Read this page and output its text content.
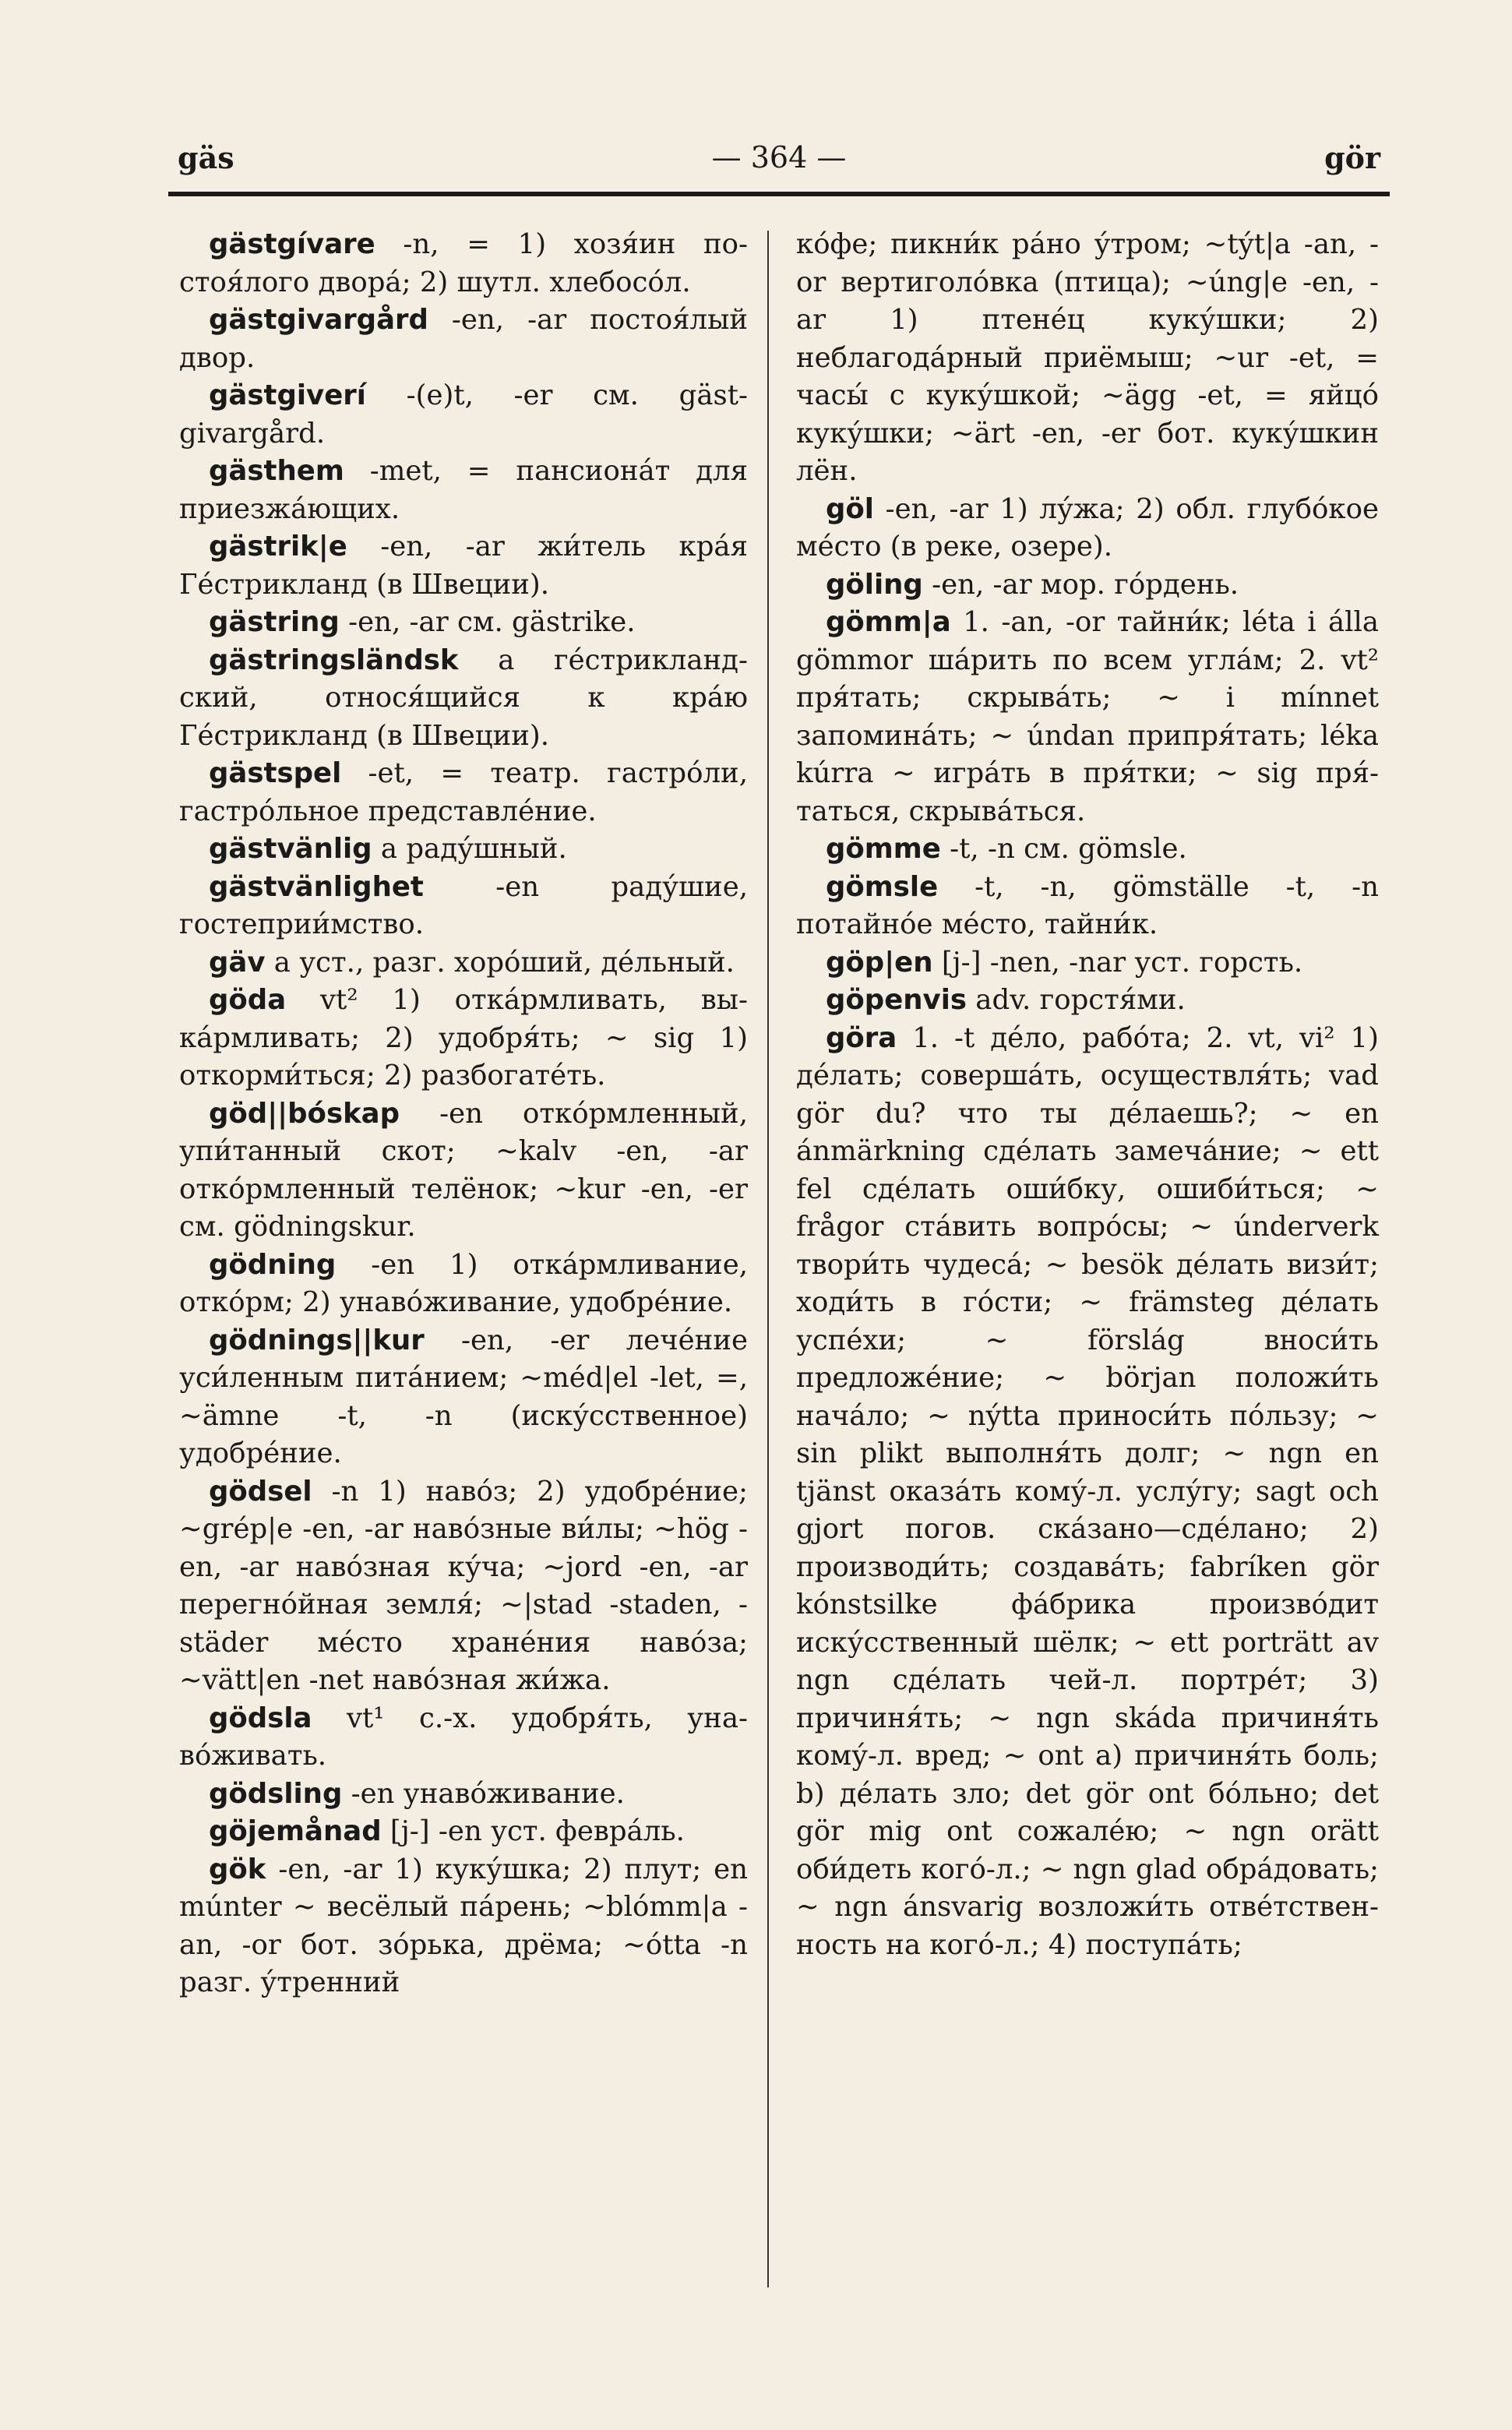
gäs	— 364 —	gör

gästgívare -n, = 1) хозя́ин постоя́лого двора́; 2) шутл. хлебосо́л.

gästgivargård -en, -ar постоя́лый двор.

gästgiverí -(e)t, -er см. gästgivargård.

gästhem -met, = пансиона́т для приезжа́ющих.

gästrik|e -en, -ar жи́тель кра́я Ге́стрикланд (в Швеции).

gästring -en, -ar см. gästrike.

gästringsländsk a ге́стрикландский, относя́щийся к кра́ю Ге́стрикланд (в Швеции).

gästspel -et, = театр. гастро́ли, гастро́льное представле́ние.

gästvänlig a раду́шный.

gästvänlighet -en раду́шие, гостеприи́мство.

gäv a уст., разг. хоро́ший, де́льный.

göda vt² 1) отка́рмливать, выка́рмливать; 2) удобря́ть; ~ sig 1) откорми́ться; 2) разбогате́ть.

göd||bóskap -en отко́рмленный, упи́танный скот; ~kalv -en, -ar отко́рмленный телёнок; ~kur -en, -er см. gödningskur.

gödning -en 1) отка́рмливание, отко́рм; 2) унаво́живание, удобре́ние.

gödnings||kur -en, -er лече́ние уси́ленным пита́нием; ~méd|el -let, =, ~ämne -t, -n (иску́сственное) удобре́ние.

gödsel -n 1) наво́з; 2) удобре́ние; ~grép|e -en, -ar наво́зные ви́лы; ~hög -en, -ar наво́зная ку́ча; ~jord -en, -ar перегно́йная земля́; ~|stad -staden, -städer ме́сто хране́ния наво́за; ~vätt|en -net наво́зная жи́жа.

gödsla vt¹ с.-х. удобря́ть, унаво́живать.

gödsling -en унаво́живание.

göjemånad [j-] -en уст. февра́ль.

gök -en, -ar 1) куку́шка; 2) плут; en múnter ~ весёлый па́рень; ~blómm|a -an, -or бот. зо́рька, дрёма; ~ótta -n разг. у́тренний

ко́фе; пикни́к ра́но у́тром; ~týt|a -an, -or вертиголо́вка (птица); ~úng|e -en, -ar 1) птене́ц куку́шки; 2) неблагода́рный приёмыш; ~ur -et, = часы́ с куку́шкой; ~ägg -et, = яйцо́ куку́шки; ~ärt -en, -er бот. куку́шкин лён.

göl -en, -ar 1) лу́жа; 2) обл. глубо́кое ме́сто (в реке, озере).

göling -en, -ar мор. го́рдень.

gömm|a 1. -an, -or тайни́к; léta i álla gömmor ша́рить по всем угла́м; 2. vt² пря́тать; скрыва́ть; ~ i mínnet запомина́ть; ~ úndan припря́тать; léka kúrra ~ игра́ть в пря́тки; ~ sig пря́таться, скрыва́ться.

gömme -t, -n см. gömsle.

gömsle -t, -n, gömställe -t, -n потайно́е ме́сто, тайни́к.

göp|en [j-] -nen, -nar уст. горсть.

göpenvis adv. горстя́ми.

göra 1. -t де́ло, рабо́та; 2. vt, vi² 1) де́лать; соверша́ть, осуществля́ть; vad gör du? что ты де́лаешь?; ~ en ánmärkning сде́лать замеча́ние; ~ ett fel сде́лать оши́бку, ошиби́ться; ~ frågor ста́вить вопро́сы; ~ únderverk твори́ть чудеса́; ~ besök де́лать визи́т; ходи́ть в го́сти; ~ främsteg де́лать успе́хи; ~ förslág вноси́ть предложе́ние; ~ början положи́ть нача́ло; ~ nýtta приноси́ть по́льзу; ~ sin plikt выполня́ть долг; ~ ngn en tjänst оказа́ть кому́-л. услу́гу; sagt och gjort погов. ска́зано—сде́лано; 2) производи́ть; создава́ть; fabríken gör kónstsilke фа́брика произво́дит иску́сственный шёлк; ~ ett porträtt av ngn сде́лать чей-л. портре́т; 3) причиня́ть; ~ ngn skáda причиня́ть кому́-л. вред; ~ ont a) причиня́ть боль; b) де́лать зло; det gör ont бо́льно; det gör mig ont сожале́ю; ~ ngn orätt оби́деть кого́-л.; ~ ngn glad обра́довать; ~ ngn ánsvarig возложи́ть отве́тственность на кого́-л.; 4) поступа́ть;
